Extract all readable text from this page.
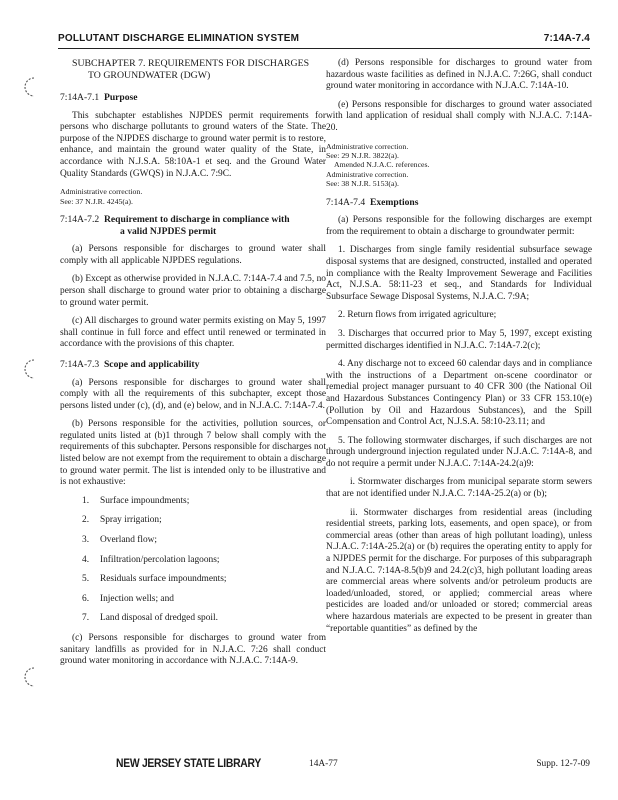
POLLUTANT DISCHARGE ELIMINATION SYSTEM	7:14A-7.4

SUBCHAPTER 7. REQUIREMENTS FOR DISCHARGES
TO GROUNDWATER (DGW)

7:14A-7.1 Purpose

This subchapter establishes NJPDES permit requirements for persons who discharge pollutants to ground waters of the State. The purpose of the NJPDES discharge to ground water permit is to restore, enhance, and maintain the ground water quality of the State, in accordance with N.J.S.A. 58:10A-1 et seq. and the Ground Water Quality Standards (GWQS) in N.J.A.C. 7:9C.

Administrative correction.
See: 37 N.J.R. 4245(a).
7:14A-7.2 Requirement to discharge in compliance with
a valid NJPDES permit

(a) Persons responsible for discharges to ground water shall comply with all applicable NJPDES regulations.

(b) Except as otherwise provided in N.J.A.C. 7:14A-7.4 and 7.5, no person shall discharge to ground water prior to obtaining a discharge to ground water permit.

(c) All discharges to ground water permits existing on May 5, 1997 shall continue in full force and effect until renewed or terminated in accordance with the provisions of this chapter.

7:14A-7.3 Scope and applicability

(a) Persons responsible for discharges to ground water shall comply with all the requirements of this subchapter, except those persons listed under (c), (d), and (e) below, and in N.J.A.C. 7:14A-7.4.

(b) Persons responsible for the activities, pollution sources, or regulated units listed at (b)1 through 7 below shall comply with the requirements of this subchapter. Persons responsible for discharges not listed below are not exempt from the requirement to obtain a discharge to ground water permit. The list is intended only to be illustrative and is not exhaustive:

1. Surface impoundments;
2. Spray irrigation;
3. Overland flow;
4. Infiltration/percolation lagoons;
5. Residuals surface impoundments;
6. Injection wells; and
7. Land disposal of dredged spoil.

(c) Persons responsible for discharges to ground water from sanitary landfills as provided for in N.J.A.C. 7:26 shall conduct ground water monitoring in accordance with N.J.A.C. 7:14A-9.

(d) Persons responsible for discharges to ground water from hazardous waste facilities as defined in N.J.A.C. 7:26G, shall conduct ground water monitoring in accordance with N.J.A.C. 7:14A-10.

(e) Persons responsible for discharges to ground water associated with land application of residual shall comply with N.J.A.C. 7:14A-20.

Administrative correction.
See: 29 N.J.R. 3822(a).
Amended N.J.A.C. references.
Administrative correction.
See: 38 N.J.R. 5153(a).
7:14A-7.4 Exemptions

(a) Persons responsible for the following discharges are exempt from the requirement to obtain a discharge to groundwater permit:

1. Discharges from single family residential subsurface sewage disposal systems that are designed, constructed, installed and operated in compliance with the Realty Improvement Sewerage and Facilities Act, N.J.S.A. 58:11-23 et seq., and Standards for Individual Subsurface Sewage Disposal Systems, N.J.A.C. 7:9A;

2. Return flows from irrigated agriculture;

3. Discharges that occurred prior to May 5, 1997, except existing permitted discharges identified in N.J.A.C. 7:14A-7.2(c);

4. Any discharge not to exceed 60 calendar days and in compliance with the instructions of a Department on-scene coordinator or remedial project manager pursuant to 40 CFR 300 (the National Oil and Hazardous Substances Contingency Plan) or 33 CFR 153.10(e) (Pollution by Oil and Hazardous Substances), and the Spill Compensation and Control Act, N.J.S.A. 58:10-23.11; and

5. The following stormwater discharges, if such discharges are not through underground injection regulated under N.J.A.C. 7:14A-8, and do not require a permit under N.J.A.C. 7:14A-24.2(a)9:

i. Stormwater discharges from municipal separate storm sewers that are not identified under N.J.A.C. 7:14A-25.2(a) or (b);

ii. Stormwater discharges from residential areas (including residential streets, parking lots, easements, and open space), or from commercial areas (other than areas of high pollutant loading), unless N.J.A.C. 7:14A-25.2(a) or (b) requires the operating entity to apply for a NJPDES permit for the discharge. For purposes of this subparagraph and N.J.A.C. 7:14A-8.5(b)9 and 24.2(c)3, high pollutant loading areas are commercial areas where solvents and/or petroleum products are loaded/unloaded, stored, or applied; commercial areas where pesticides are loaded and/or unloaded or stored; commercial areas where hazardous materials are expected to be present in greater than “reportable quantities” as defined by the

NEW JERSEY STATE LIBRARY	14A-77	Supp. 12-7-09
